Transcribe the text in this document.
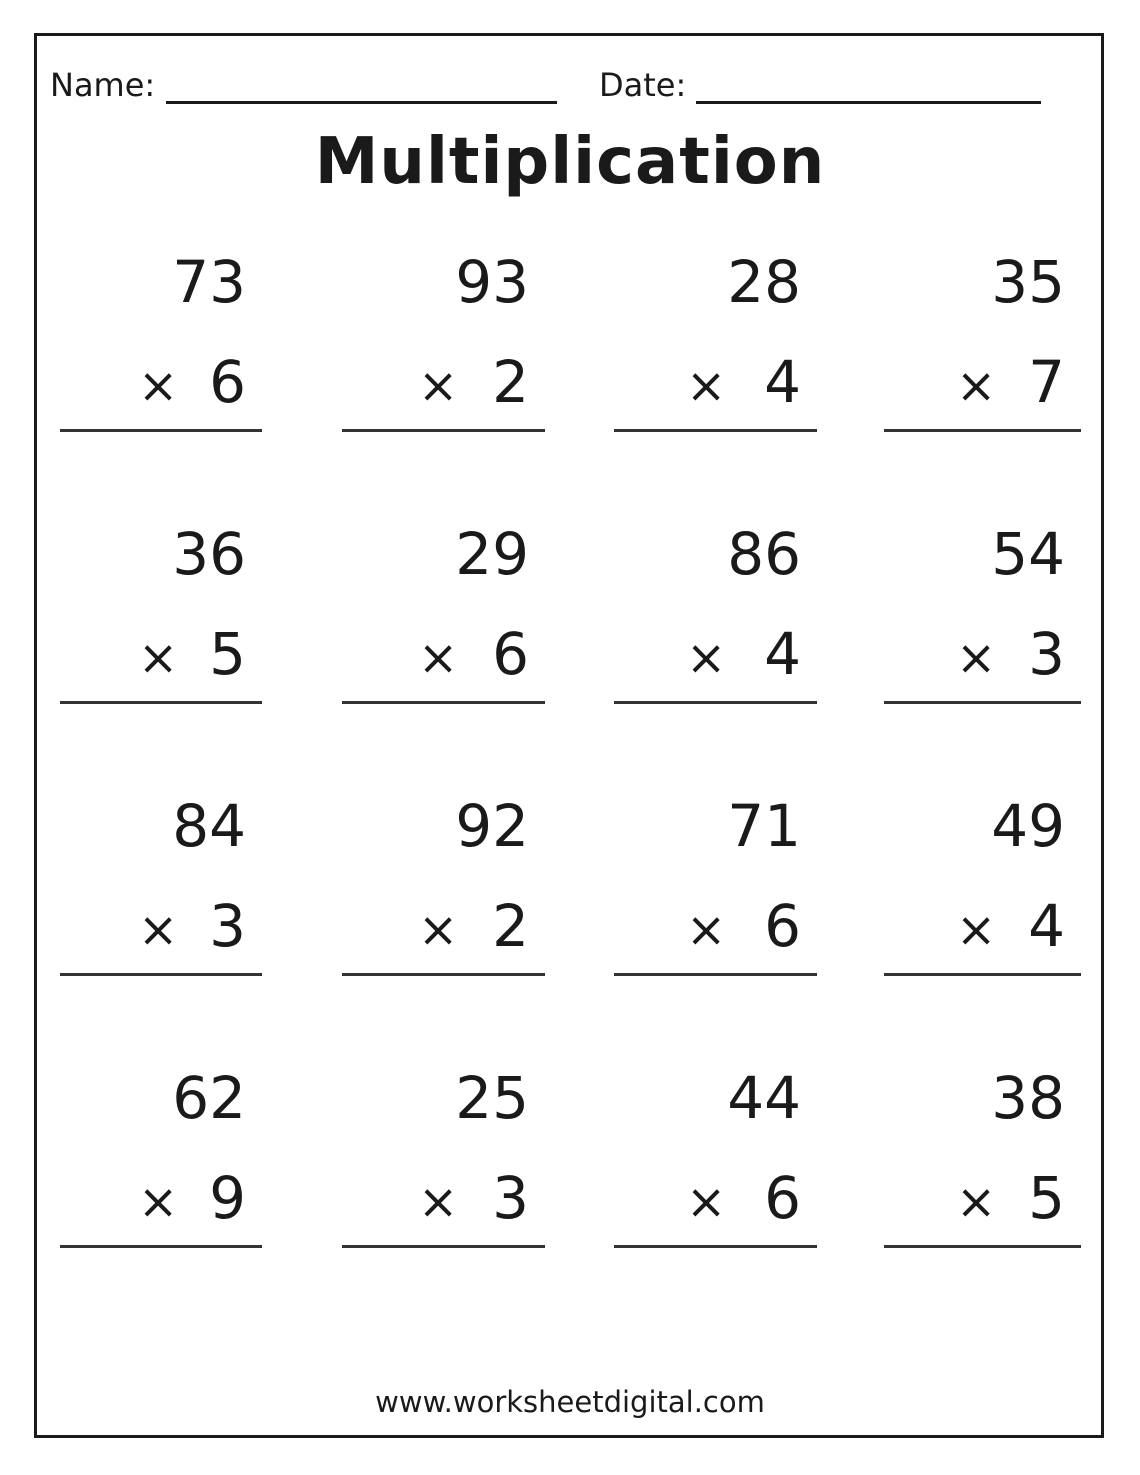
Name:	Date:
Multiplication
73
× 6
93
× 2
28
× 4
35
× 7
36
× 5
29
× 6
86
× 4
54
× 3
84
× 3
92
× 2
71
× 6
49
× 4
62
× 9
25
× 3
44
× 6
38
× 5
www.worksheetdigital.com
